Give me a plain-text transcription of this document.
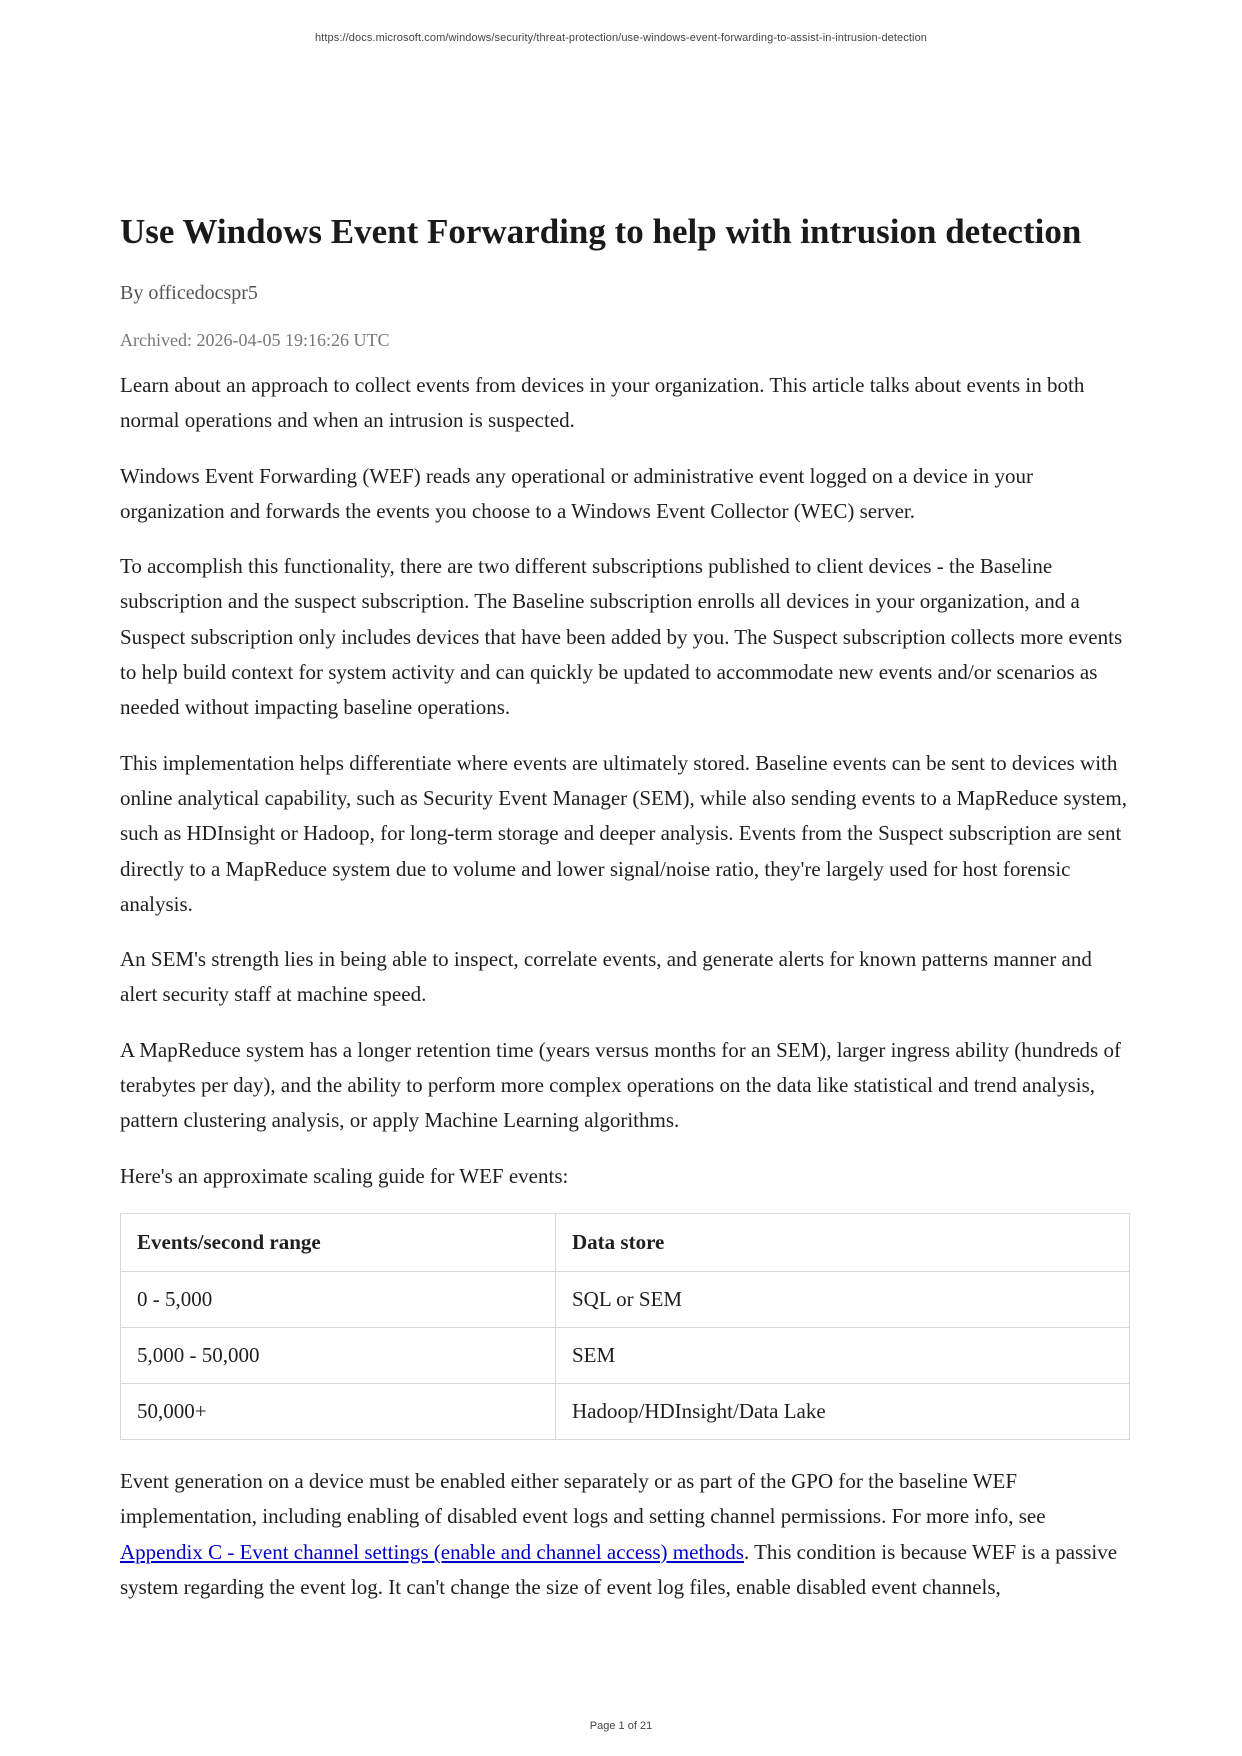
https://docs.microsoft.com/windows/security/threat-protection/use-windows-event-forwarding-to-assist-in-intrusion-detection
Use Windows Event Forwarding to help with intrusion detection
By officedocspr5
Archived: 2026-04-05 19:16:26 UTC

Learn about an approach to collect events from devices in your organization. This article talks about events in both normal operations and when an intrusion is suspected.

Windows Event Forwarding (WEF) reads any operational or administrative event logged on a device in your organization and forwards the events you choose to a Windows Event Collector (WEC) server.

To accomplish this functionality, there are two different subscriptions published to client devices - the Baseline subscription and the suspect subscription. The Baseline subscription enrolls all devices in your organization, and a Suspect subscription only includes devices that have been added by you. The Suspect subscription collects more events to help build context for system activity and can quickly be updated to accommodate new events and/or scenarios as needed without impacting baseline operations.

This implementation helps differentiate where events are ultimately stored. Baseline events can be sent to devices with online analytical capability, such as Security Event Manager (SEM), while also sending events to a MapReduce system, such as HDInsight or Hadoop, for long-term storage and deeper analysis. Events from the Suspect subscription are sent directly to a MapReduce system due to volume and lower signal/noise ratio, they're largely used for host forensic analysis.

An SEM's strength lies in being able to inspect, correlate events, and generate alerts for known patterns manner and alert security staff at machine speed.

A MapReduce system has a longer retention time (years versus months for an SEM), larger ingress ability (hundreds of terabytes per day), and the ability to perform more complex operations on the data like statistical and trend analysis, pattern clustering analysis, or apply Machine Learning algorithms.

Here's an approximate scaling guide for WEF events:

Events/second range	Data store
0 - 5,000	SQL or SEM
5,000 - 50,000	SEM
50,000+	Hadoop/HDInsight/Data Lake

Event generation on a device must be enabled either separately or as part of the GPO for the baseline WEF implementation, including enabling of disabled event logs and setting channel permissions. For more info, see Appendix C - Event channel settings (enable and channel access) methods. This condition is because WEF is a passive system regarding the event log. It can't change the size of event log files, enable disabled event channels,

Page 1 of 21
